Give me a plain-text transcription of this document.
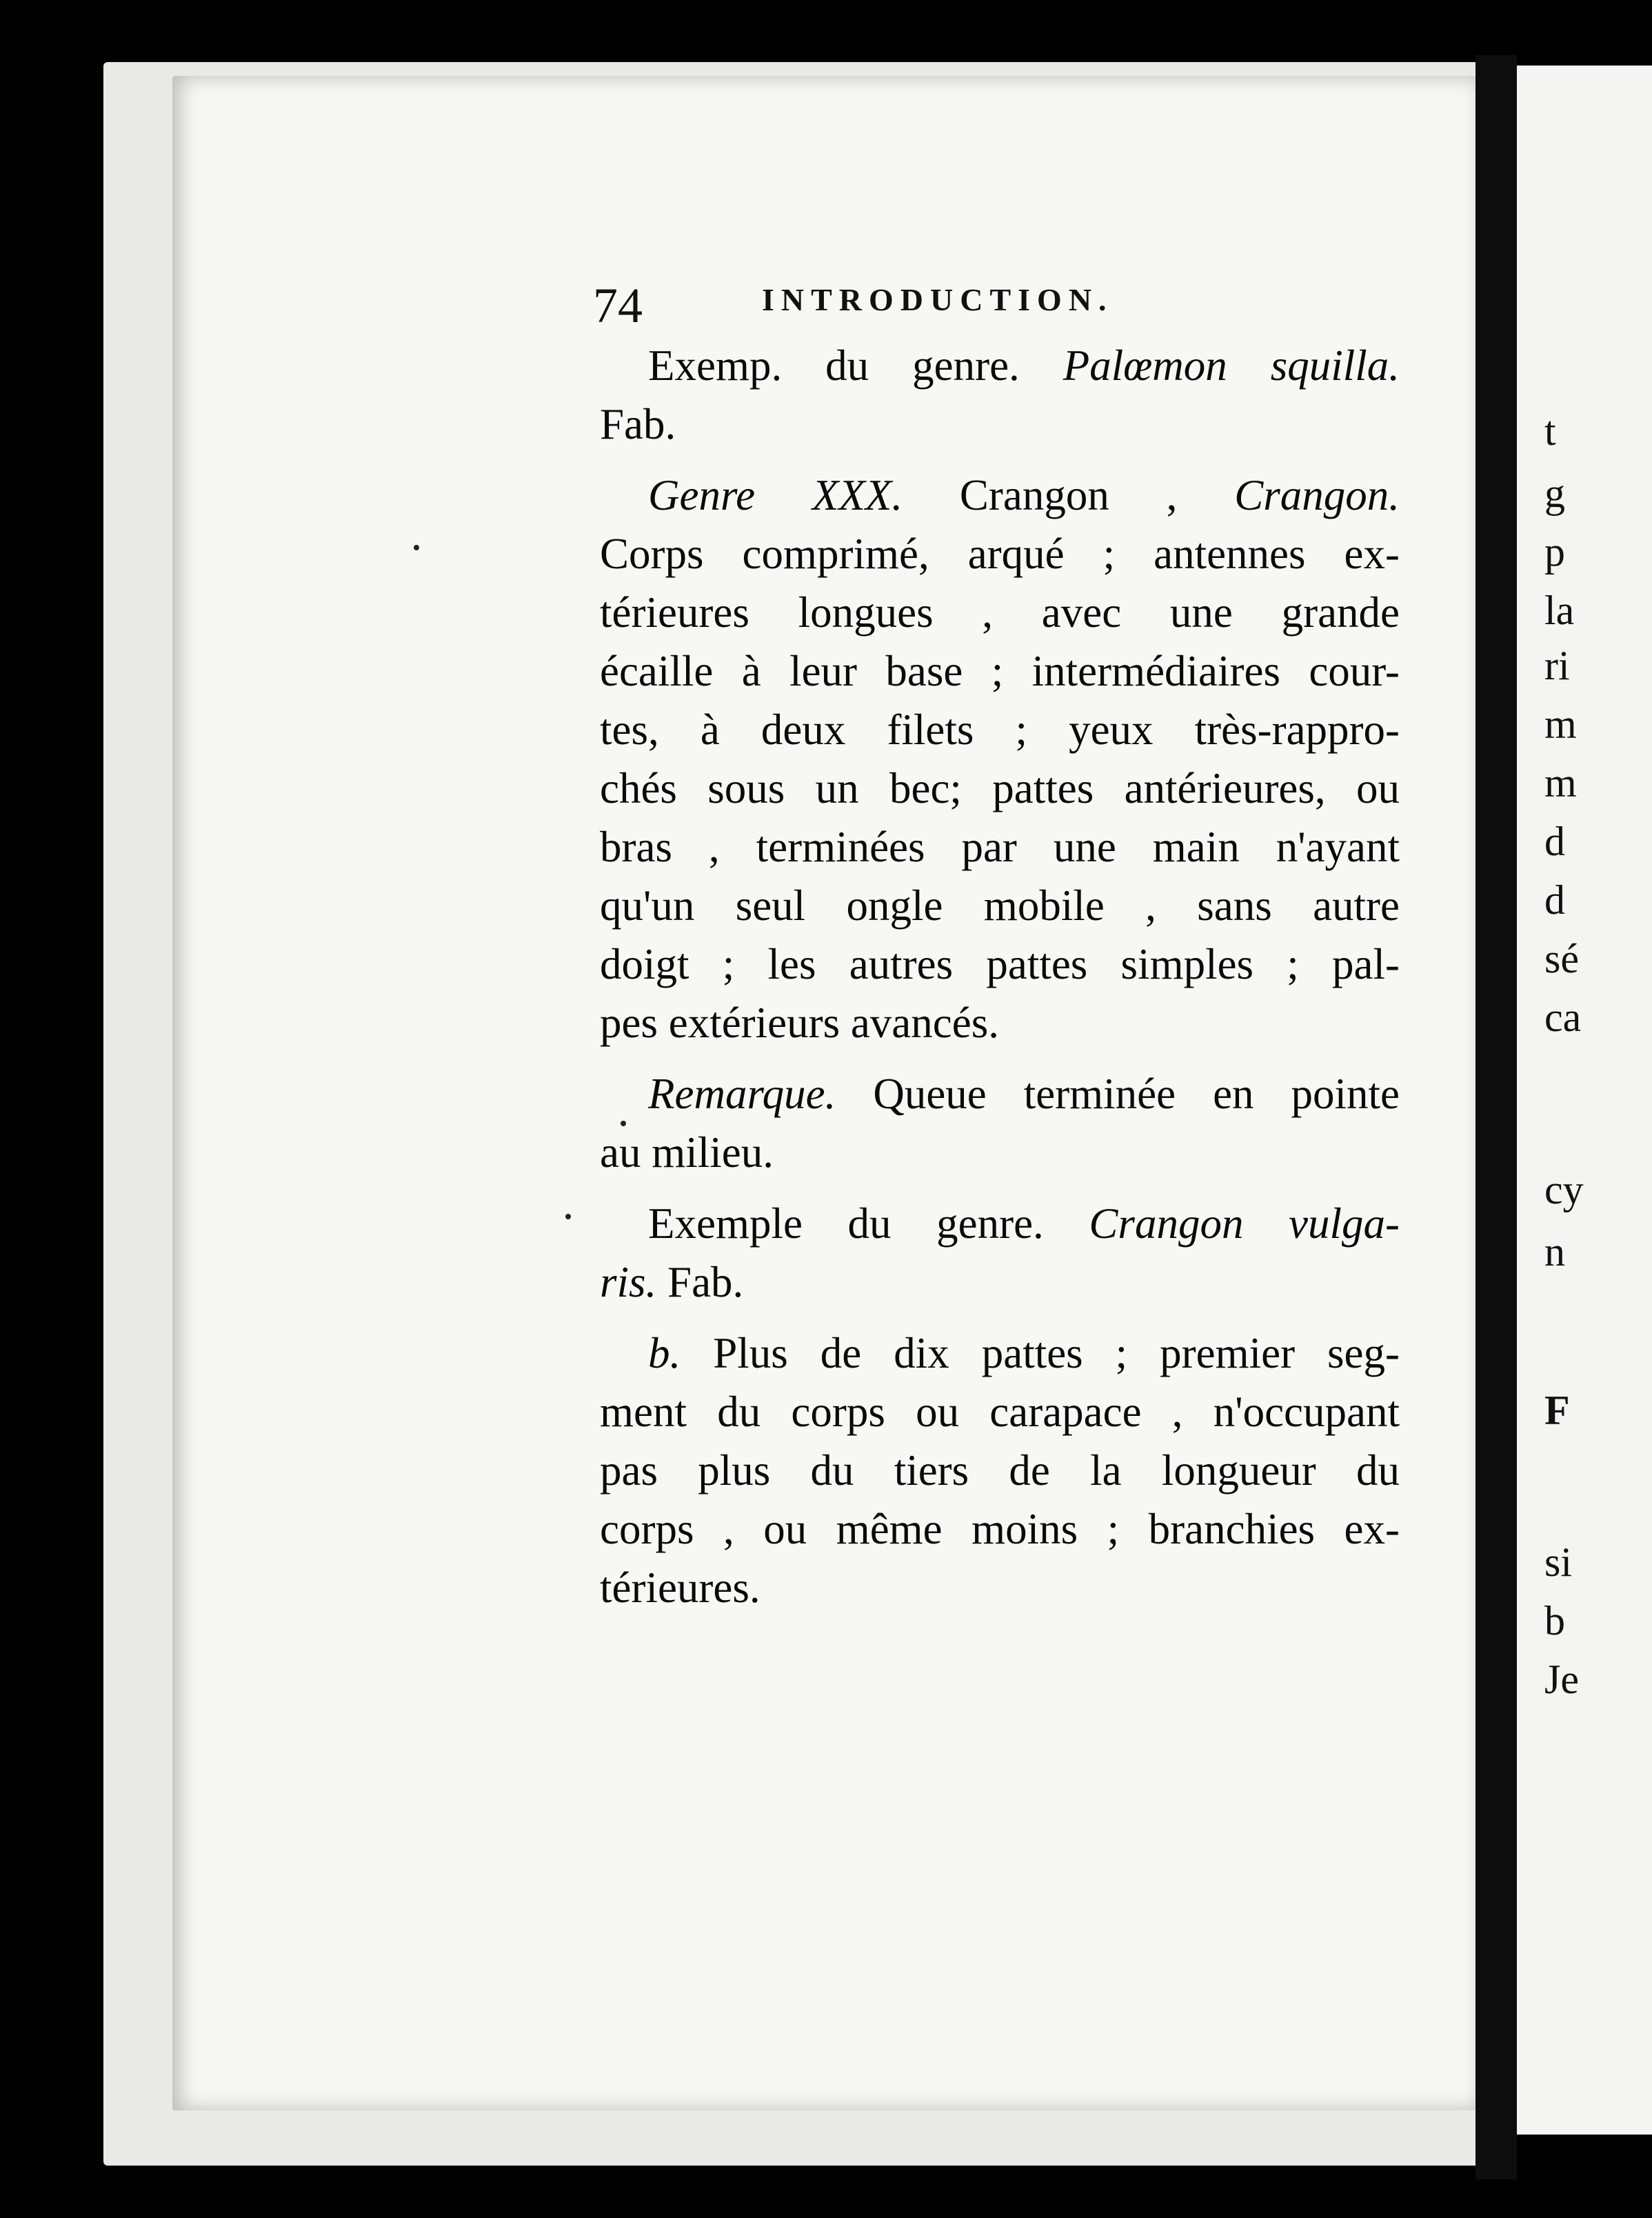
t
g
p
la
ri
m
m
d
d
sé
ca
cy
n
F
si
b
Je
74	INTRODUCTION.
Exemp. du genre. Palœmon squilla.
Fab.
Genre XXX. Crangon , Crangon.
Corps comprimé, arqué ; antennes ex-
térieures longues , avec une grande
écaille à leur base ; intermédiaires cour-
tes, à deux filets ; yeux très-rappro-
chés sous un bec; pattes antérieures, ou
bras , terminées par une main n'ayant
qu'un seul ongle mobile , sans autre
doigt ; les autres pattes simples ; pal-
pes extérieurs avancés.
Remarque. Queue terminée en pointe
au milieu.
Exemple du genre. Crangon vulga-
ris. Fab.
b. Plus de dix pattes ; premier seg-
ment du corps ou carapace , n'occupant
pas plus du tiers de la longueur du
corps , ou même moins ; branchies ex-
térieures.
